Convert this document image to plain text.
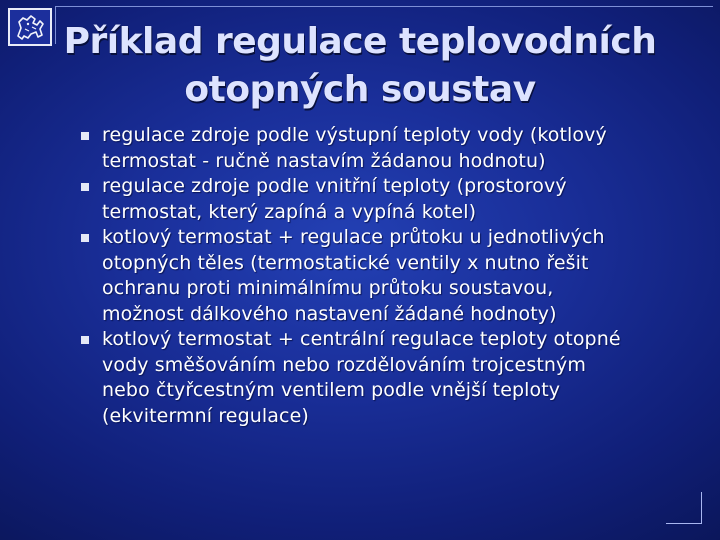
Příklad regulace teplovodních
otopných soustav
regulace zdroje podle výstupní teploty vody (kotlový
termostat - ručně nastavím žádanou hodnotu)
regulace zdroje podle vnitřní teploty (prostorový
termostat, který zapíná a vypíná kotel)
kotlový termostat + regulace průtoku u jednotlivých
otopných těles (termostatické ventily x nutno řešit
ochranu proti minimálnímu průtoku soustavou,
možnost dálkového nastavení žádané hodnoty)
kotlový termostat + centrální regulace teploty otopné
vody směšováním nebo rozdělováním trojcestným
nebo čtyřcestným ventilem podle vnější teploty
(ekvitermní regulace)
